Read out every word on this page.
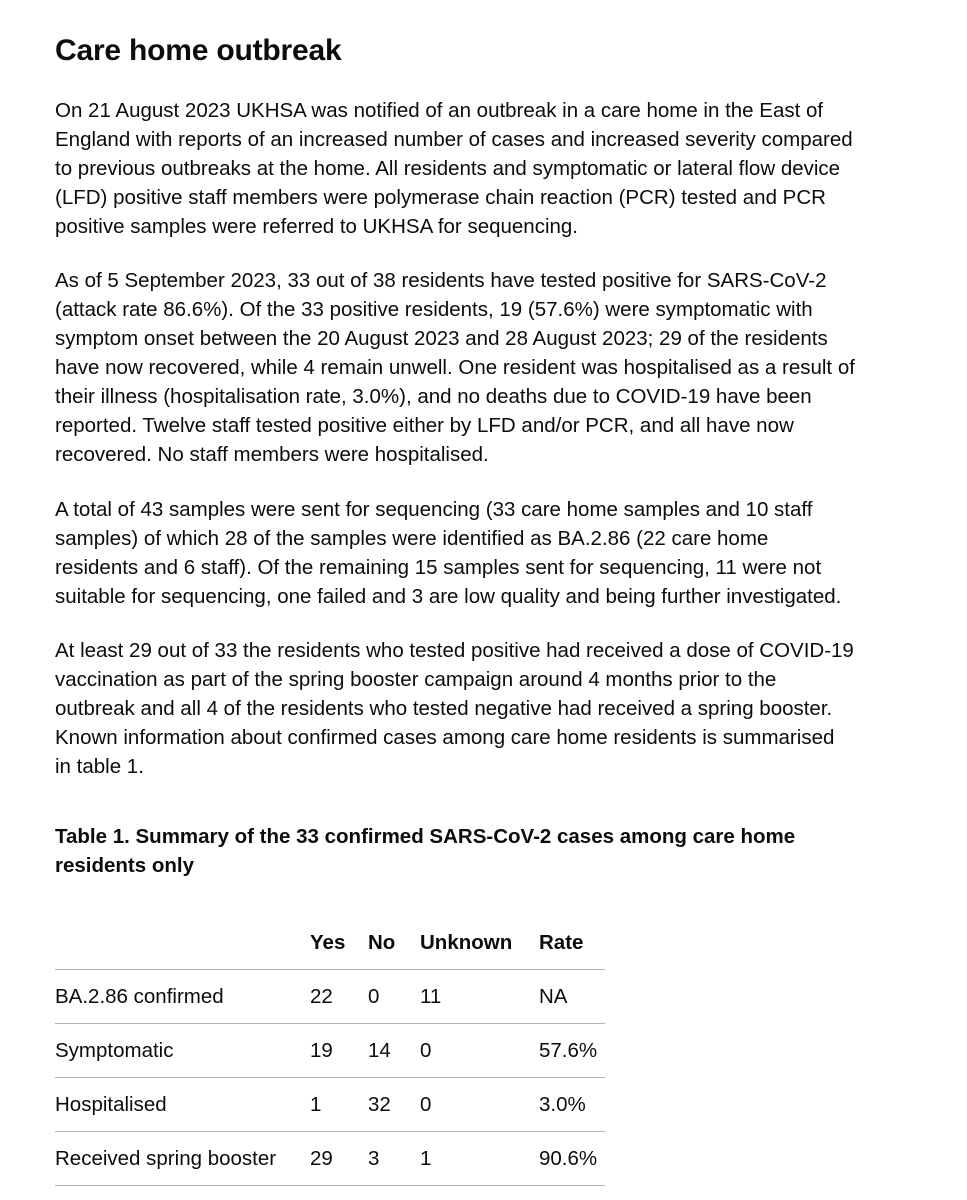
Care home outbreak
On 21 August 2023 UKHSA was notified of an outbreak in a care home in the East of
England with reports of an increased number of cases and increased severity compared
to previous outbreaks at the home. All residents and symptomatic or lateral flow device
(LFD) positive staff members were polymerase chain reaction (PCR) tested and PCR
positive samples were referred to UKHSA for sequencing.
As of 5 September 2023, 33 out of 38 residents have tested positive for SARS-CoV-2
(attack rate 86.6%). Of the 33 positive residents, 19 (57.6%) were symptomatic with
symptom onset between the 20 August 2023 and 28 August 2023; 29 of the residents
have now recovered, while 4 remain unwell. One resident was hospitalised as a result of
their illness (hospitalisation rate, 3.0%), and no deaths due to COVID-19 have been
reported. Twelve staff tested positive either by LFD and/or PCR, and all have now
recovered. No staff members were hospitalised.
A total of 43 samples were sent for sequencing (33 care home samples and 10 staff
samples) of which 28 of the samples were identified as BA.2.86 (22 care home
residents and 6 staff). Of the remaining 15 samples sent for sequencing, 11 were not
suitable for sequencing, one failed and 3 are low quality and being further investigated.
At least 29 out of 33 the residents who tested positive had received a dose of COVID-19
vaccination as part of the spring booster campaign around 4 months prior to the
outbreak and all 4 of the residents who tested negative had received a spring booster.
Known information about confirmed cases among care home residents is summarised
in table 1.
Table 1. Summary of the 33 confirmed SARS-CoV-2 cases among care home
residents only
	Yes	No	Unknown	Rate
BA.2.86 confirmed	22	0	11	NA
Symptomatic	19	14	0	57.6%
Hospitalised	1	32	0	3.0%
Received spring booster	29	3	1	90.6%
